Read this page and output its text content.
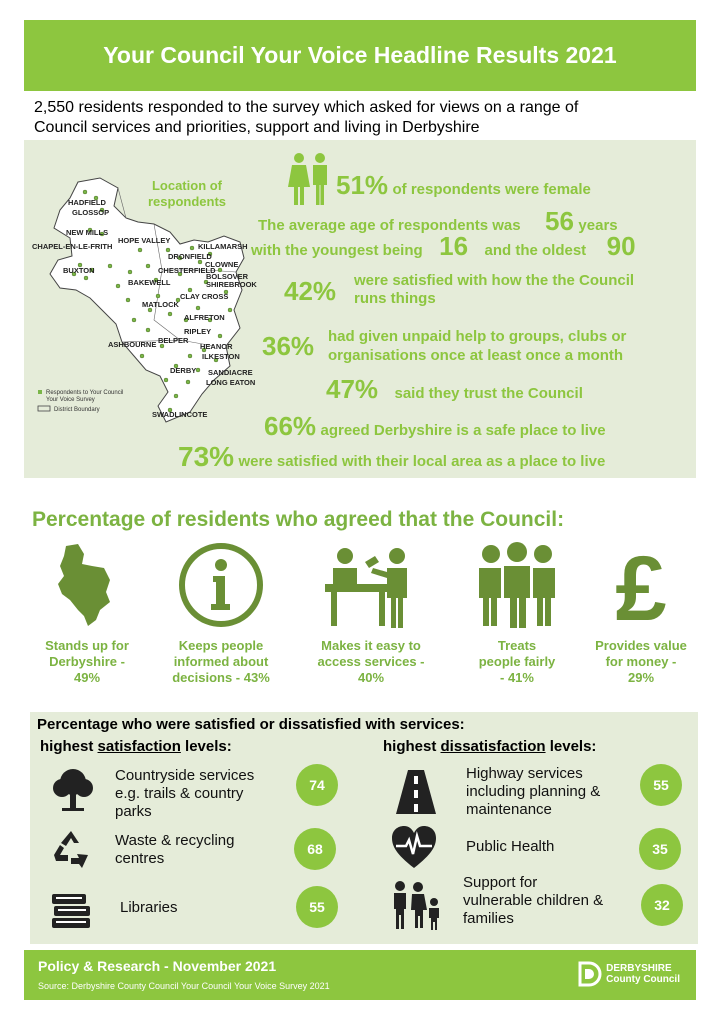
Your Council Your Voice Headline Results 2021
2,550 residents responded to the survey which asked for views on a range of
Council services and priorities, support and living in Derbyshire
Location of
respondents
HADFIELD
GLOSSOP
NEW MILLS
CHAPEL-EN-LE-FRITH
HOPE VALLEY
KILLAMARSH
DRONFIELD
CLOWNE
BUXTON	CHESTERFIELD
BOLSOVER
BAKEWELL	SHIREBROOK
CLAY CROSS
MATLOCK
ALFRETON
RIPLEY
BELPER
HEANOR
ASHBOURNE
ILKESTON
DERBY SANDIACRE
LONG EATON
SWADLINCOTE
Respondents to Your Council
Your Voice Survey
District Boundary
51% of respondents were female
The average age of respondents was 56 years
with the youngest being 16 and the oldest 90
42% were satisfied with how the the Council
runs things
36% had given unpaid help to groups, clubs or
organisations once at least once a month
47% said they trust the Council
66% agreed Derbyshire is a safe place to live
73% were satisfied with their local area as a place to live
Percentage of residents who agreed that the Council:
Stands up for
Derbyshire -
49%
Keeps people
informed about
decisions - 43%
Makes it easy to
access services -
40%
Treats
people fairly
- 41%
£
Provides value
for money -
29%
Percentage who were satisfied or dissatisfied with services:
highest satisfaction levels:	highest dissatisfaction levels:
Countryside services
e.g. trails & country
parks
74
Waste & recycling
centres
68
Libraries	55
Highway services
including planning &
maintenance
55
Public Health	35
Support for
vulnerable children &
families
32
Policy & Research - November 2021
Source: Derbyshire County Council Your Council Your Voice Survey 2021
DERBYSHIRE
County Council
